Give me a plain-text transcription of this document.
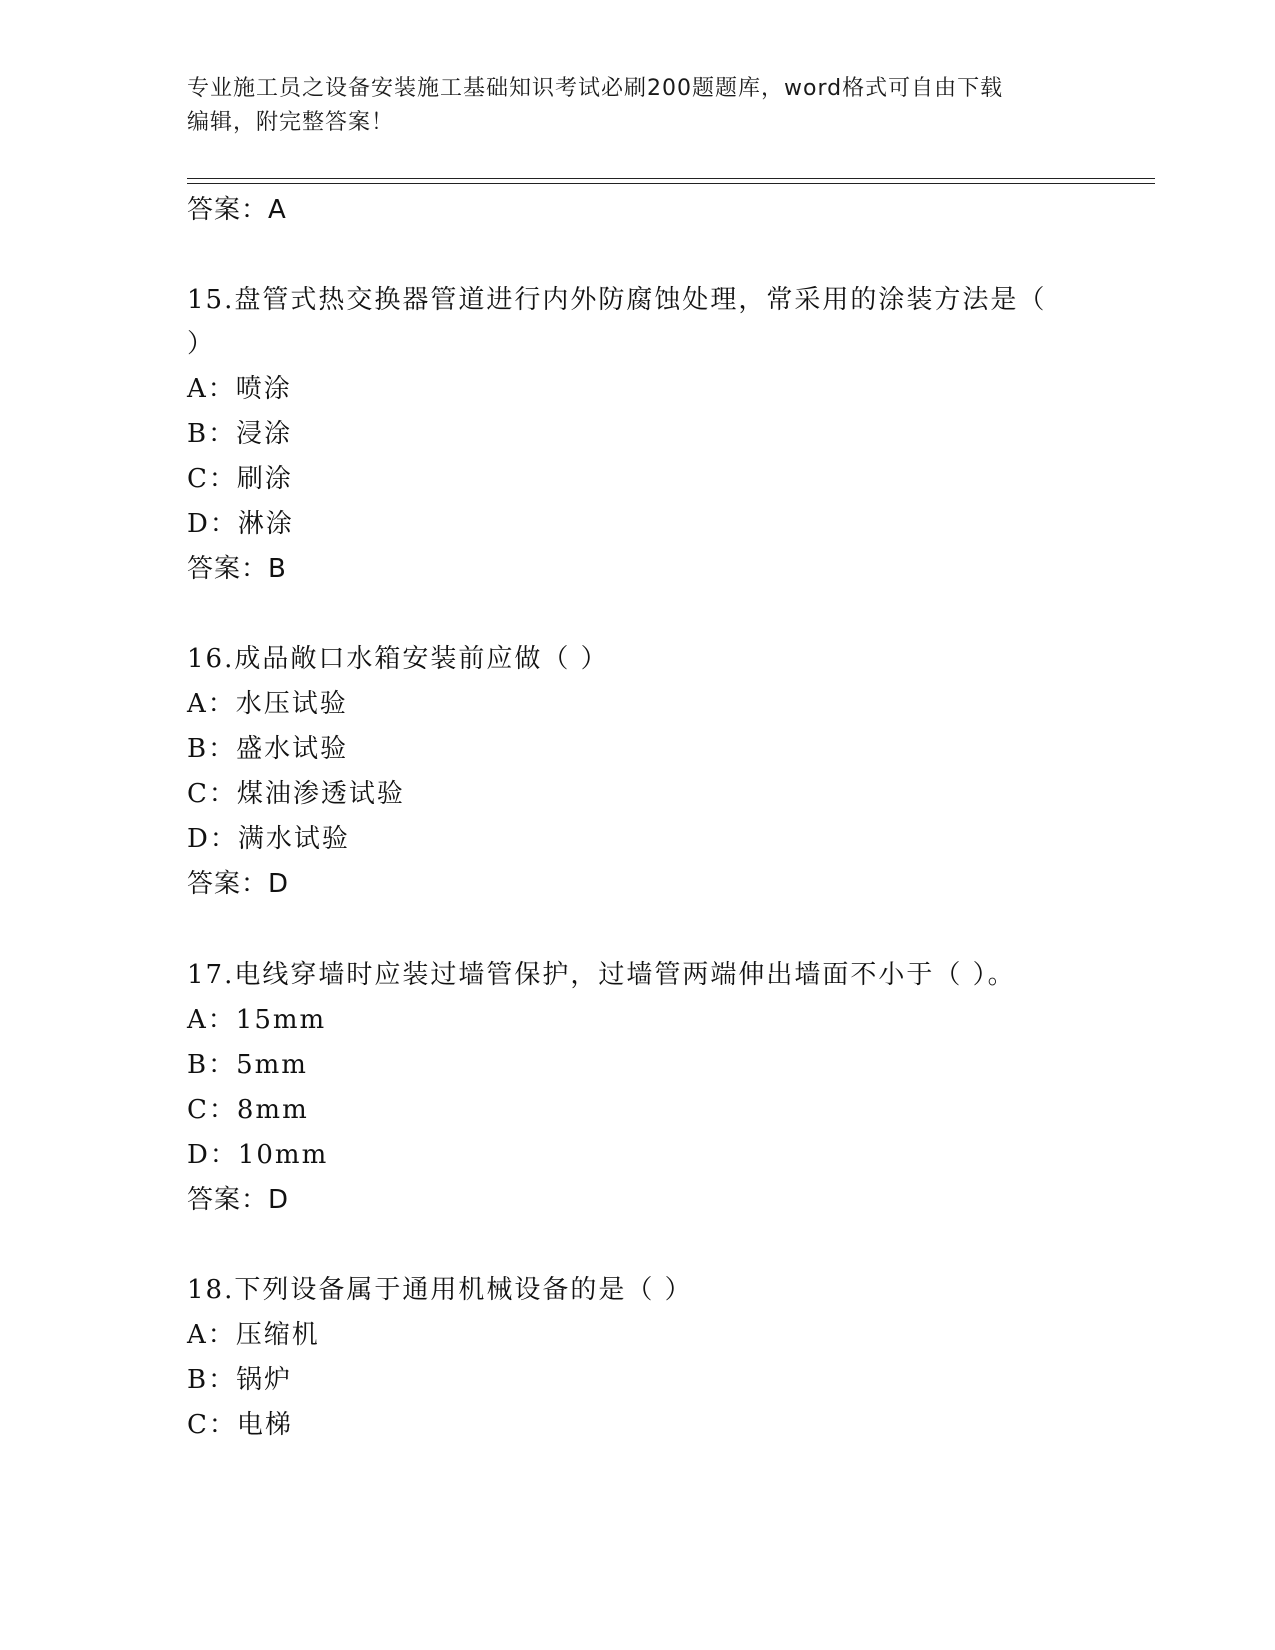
专业施工员之设备安装施工基础知识考试必刷200题题库，word格式可自由下载
编辑，附完整答案！
答案：A
15.盘管式热交换器管道进行内外防腐蚀处理，常采用的涂装方法是（
）
A：喷涂
B：浸涂
C：刷涂
D：淋涂
答案：B
16.成品敞口水箱安装前应做（ ）
A：水压试验
B：盛水试验
C：煤油渗透试验
D：满水试验
答案：D
17.电线穿墙时应装过墙管保护，过墙管两端伸出墙面不小于（ ）。
A：15mm
B：5mm
C：8mm
D：10mm
答案：D
18.下列设备属于通用机械设备的是（ ）
A：压缩机
B：锅炉
C：电梯
